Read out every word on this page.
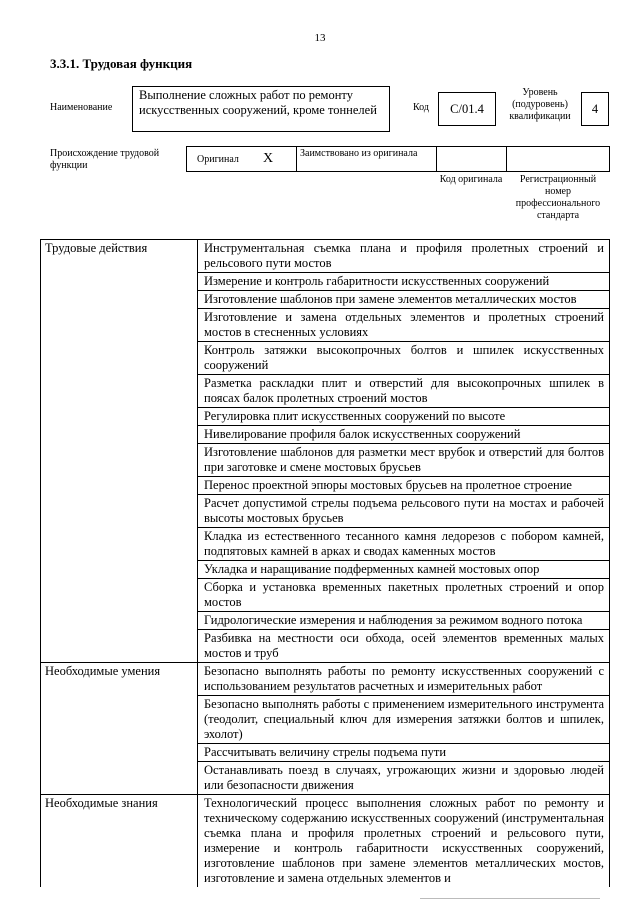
13
3.3.1. Трудовая функция
Наименование
Выполнение сложных работ по ремонту искусственных сооружений, кроме тоннелей	Код	С/01.4
Уровень (подуровень) квалификации
4
Происхождение трудовой функции
Оригинал Х	Заимствовано из оригинала
Код оригинала	Регистрационный номер профессионального стандарта
Трудовые действия		Инструментальная съемка плана и профиля пролетных строений и рельсового пути мостов
Измерение и контроль габаритности искусственных сооружений
Изготовление шаблонов при замене элементов металлических мостов
Изготовление и замена отдельных элементов и пролетных строений мостов в стесненных условиях
Контроль затяжки высокопрочных болтов и шпилек искусственных сооружений
Разметка раскладки плит и отверстий для высокопрочных шпилек в поясах балок пролетных строений мостов
Регулировка плит искусственных сооружений по высоте
Нивелирование профиля балок искусственных сооружений
Изготовление шаблонов для разметки мест врубок и отверстий для болтов при заготовке и смене мостовых брусьев
Перенос проектной эпюры мостовых брусьев на пролетное строение
Расчет допустимой стрелы подъема рельсового пути на мостах и рабочей высоты мостовых брусьев
Кладка из естественного тесанного камня ледорезов с побором камней, подпятовых камней в арках и сводах каменных мостов
Укладка и наращивание подферменных камней мостовых опор
Сборка и установка временных пакетных пролетных строений и опор мостов
Гидрологические измерения и наблюдения за режимом водного потока
Разбивка на местности оси обхода, осей элементов временных малых мостов и труб

Необходимые умения		Безопасно выполнять работы по ремонту искусственных сооружений с использованием результатов расчетных и измерительных работ
Безопасно выполнять работы с применением измерительного инструмента (теодолит, специальный ключ для измерения затяжки болтов и шпилек, эхолот)
Рассчитывать величину стрелы подъема пути
Останавливать поезд в случаях, угрожающих жизни и здоровью людей или безопасности движения

Необходимые знания		Технологический процесс выполнения сложных работ по ремонту и техническому содержанию искусственных сооружений (инструментальная съемка плана и профиля пролетных строений и рельсового пути, измерение и контроль габаритности искусственных сооружений, изготовление шаблонов при замене элементов металлических мостов, изготовление и замена отдельных элементов и
